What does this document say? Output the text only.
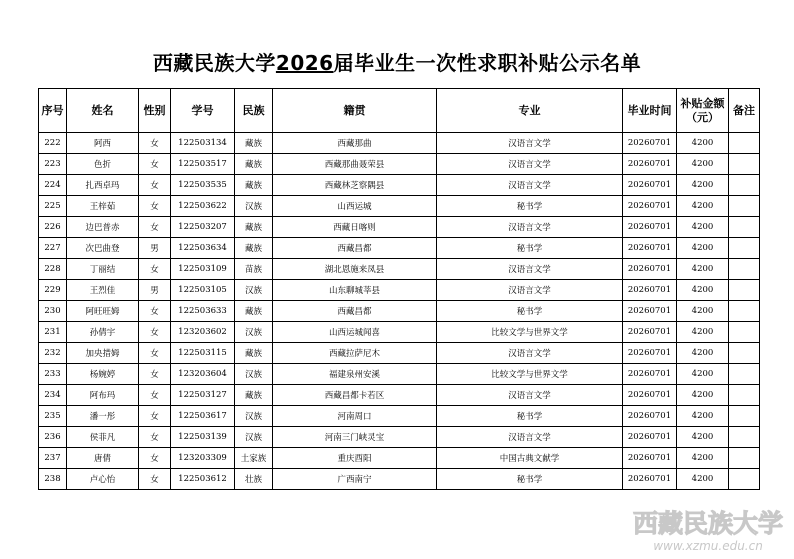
西藏民族大学2026届毕业生一次性求职补贴公示名单
序号	姓名	性别	学号	民族	籍贯	专业	毕业时间	补贴金额（元）	备注
222	阿西	女	122503134	藏族	西藏那曲	汉语言文学	20260701	4200	
223	色折	女	122503517	藏族	西藏那曲聂荣县	汉语言文学	20260701	4200	
224	扎西卓玛	女	122503535	藏族	西藏林芝察隅县	汉语言文学	20260701	4200	
225	王梓茹	女	122503622	汉族	山西运城	秘书学	20260701	4200	
226	边巴普赤	女	122503207	藏族	西藏日喀则	汉语言文学	20260701	4200	
227	次巴曲登	男	122503634	藏族	西藏昌都	秘书学	20260701	4200	
228	丁丽结	女	122503109	苗族	湖北恩施来凤县	汉语言文学	20260701	4200	
229	王烈佳	男	122503105	汉族	山东聊城莘县	汉语言文学	20260701	4200	
230	阿旺旺姆	女	122503633	藏族	西藏昌都	秘书学	20260701	4200	
231	孙倩宇	女	123203602	汉族	山西运城闻喜	比较文学与世界文学	20260701	4200	
232	加央措姆	女	122503115	藏族	西藏拉萨尼木	汉语言文学	20260701	4200	
233	杨婉婷	女	123203604	汉族	福建泉州安溪	比较文学与世界文学	20260701	4200	
234	阿布玛	女	122503127	藏族	西藏昌都卡若区	汉语言文学	20260701	4200	
235	潘一彤	女	122503617	汉族	河南周口	秘书学	20260701	4200	
236	侯菲凡	女	122503139	汉族	河南三门峡灵宝	汉语言文学	20260701	4200	
237	唐倩	女	123203309	土家族	重庆酉阳	中国古典文献学	20260701	4200	
238	卢心怡	女	122503612	壮族	广西南宁	秘书学	20260701	4200	
西藏民族大学
www.xzmu.edu.cn
